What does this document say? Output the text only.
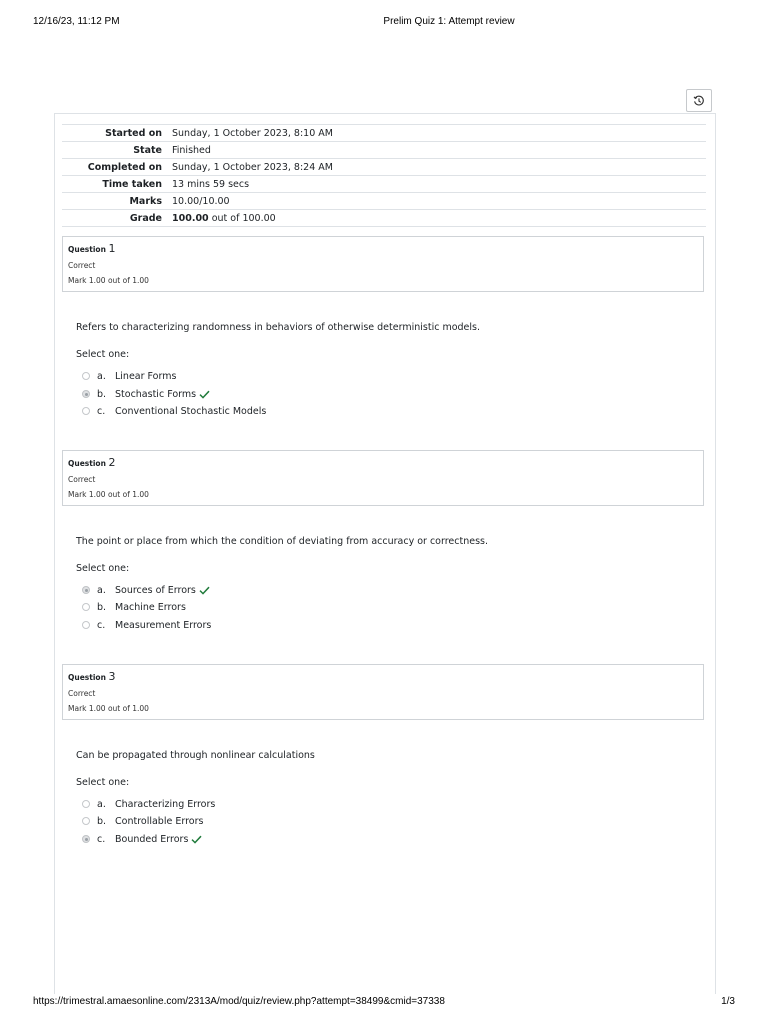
12/16/23, 11:12 PM	Prelim Quiz 1: Attempt review
Started on	Sunday, 1 October 2023, 8:10 AM
State	Finished
Completed on	Sunday, 1 October 2023, 8:24 AM
Time taken	13 mins 59 secs
Marks	10.00/10.00
Grade	100.00 out of 100.00
Question 1
Correct
Mark 1.00 out of 1.00
Refers to characterizing randomness in behaviors of otherwise deterministic models.
Select one:
a. Linear Forms
b. Stochastic Forms
c.	Conventional Stochastic Models
Question 2
Correct
Mark 1.00 out of 1.00
The point or place from which the condition of deviating from accuracy or correctness.
Select one:
a. Sources of Errors
b. Machine Errors
c.	Measurement Errors
Question 3
Correct
Mark 1.00 out of 1.00
Can be propagated through nonlinear calculations
Select one:
a. Characterizing Errors
b. Controllable Errors
c.	Bounded Errors
https://trimestral.amaesonline.com/2313A/mod/quiz/review.php?attempt=38499&cmid=37338	1/3
